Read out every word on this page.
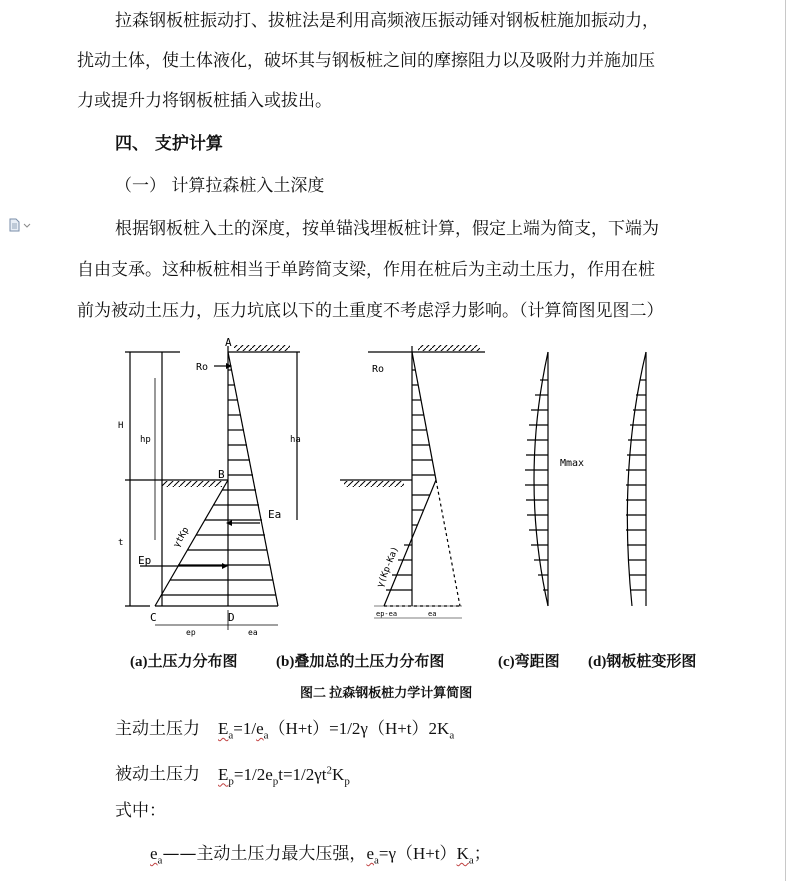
拉森钢板桩振动打、拔桩法是利用高频液压振动锤对钢板桩施加振动力，
扰动土体，使土体液化，破坏其与钢板桩之间的摩擦阻力以及吸附力并施加压
力或提升力将钢板桩插入或拔出。
四、 支护计算
（一） 计算拉森桩入土深度
根据钢板桩入土的深度，按单锚浅埋板桩计算，假定上端为简支，下端为
自由支承。这种板桩相当于单跨简支梁，作用在桩后为主动土压力，作用在桩
前为被动土压力，压力坑底以下的土重度不考虑浮力影响。（计算简图见图二）
A
B
C	D
Ro	Ro
H
t
hp	ha
Ea
Ep
ep	ea
γtKp
γ(Kp-Ka)
ep-ea	ea
Mmax
(a)土压力分布图	(b)叠加总的土压力分布图	(c)弯距图 (d)钢板桩变形图
图二 拉森钢板桩力学计算简图
主动土压力 $E_a=1/e_a(H+t)=1/2\gamma(H+t)2K_a$
被动土压力 $E_p=1/2e_pt=1/2\gamma t^2K_p$
式中：
$e_a——$主动土压力最大压强，$e_a=\gamma(H+t)K_a$；
